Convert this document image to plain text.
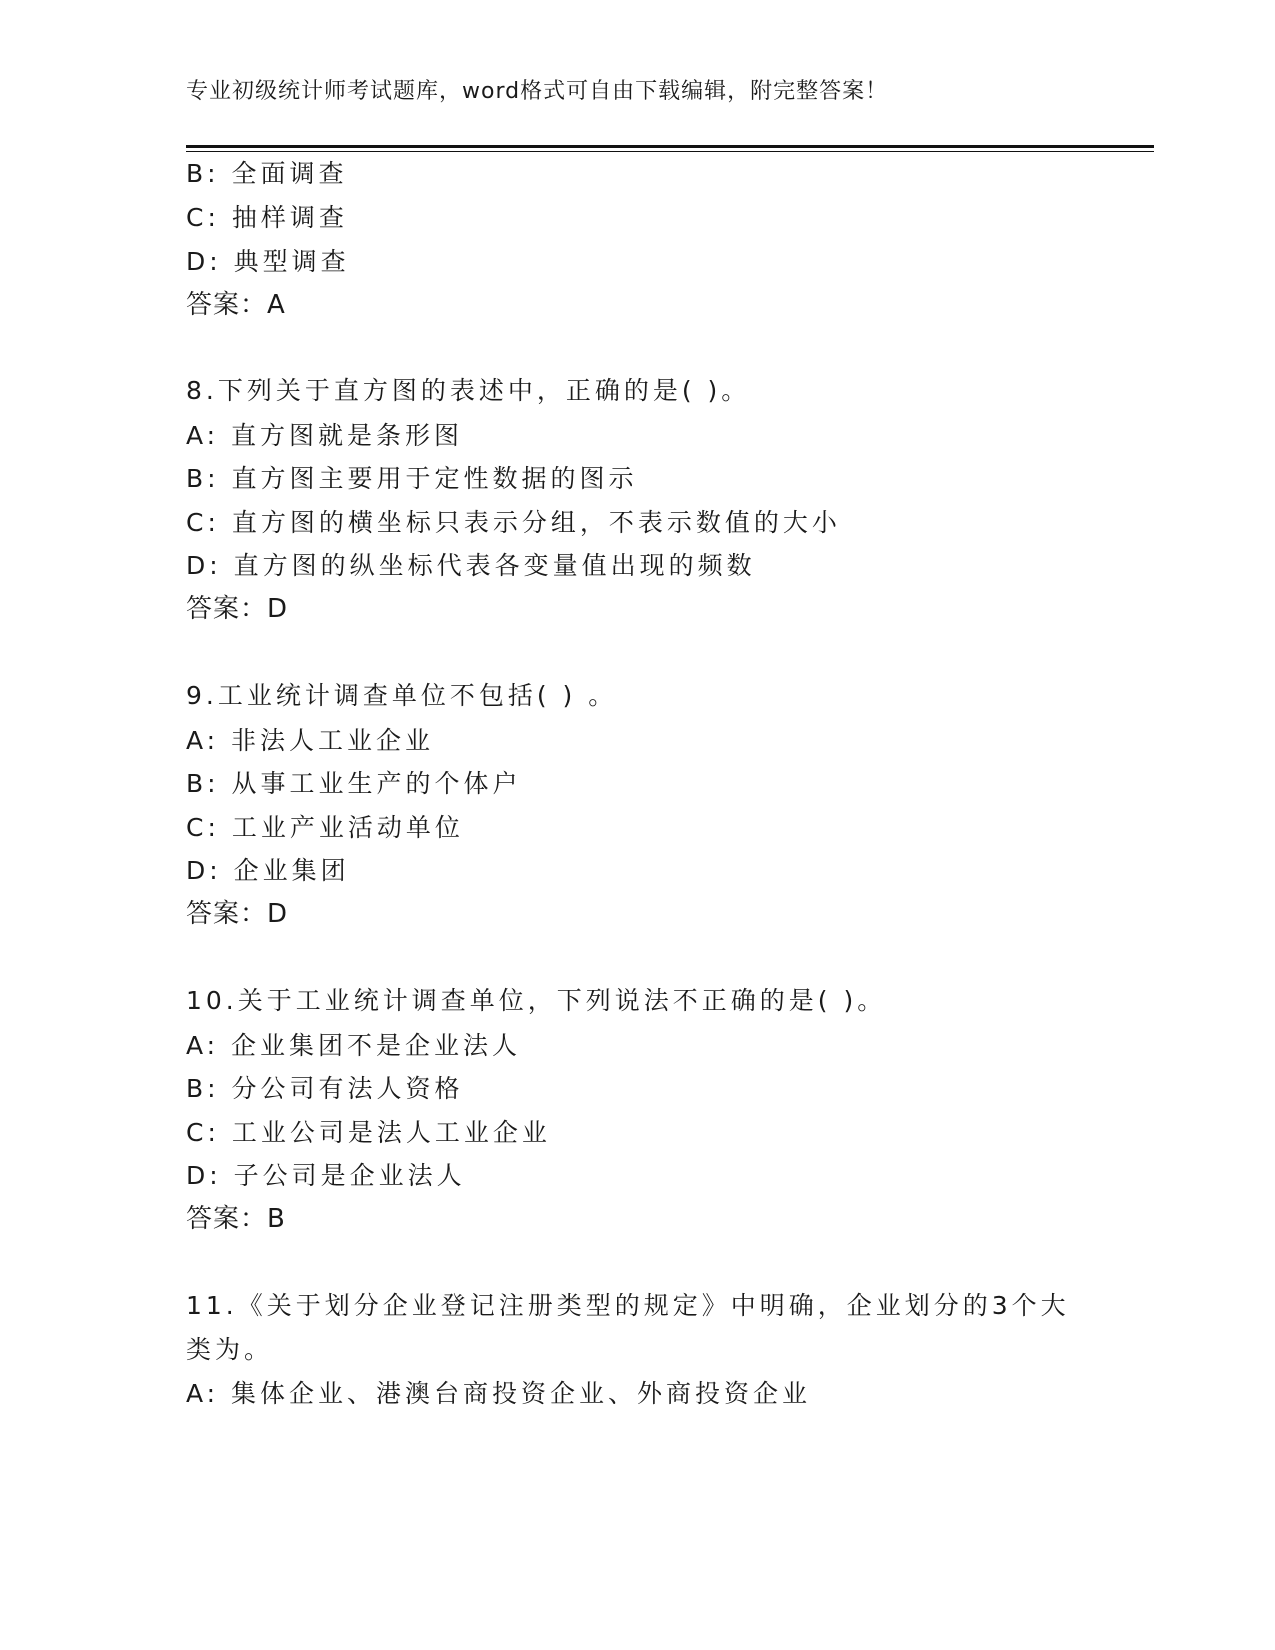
专业初级统计师考试题库，word格式可自由下载编辑，附完整答案！
B: 全面调查
C: 抽样调查
D: 典型调查
答案：A
8.下列关于直方图的表述中，正确的是( )。
A: 直方图就是条形图
B: 直方图主要用于定性数据的图示
C: 直方图的横坐标只表示分组，不表示数值的大小
D: 直方图的纵坐标代表各变量值出现的频数
答案：D
9.工业统计调查单位不包括( ) 。
A: 非法人工业企业
B: 从事工业生产的个体户
C: 工业产业活动单位
D: 企业集团
答案：D
10.关于工业统计调查单位，下列说法不正确的是( )。
A: 企业集团不是企业法人
B: 分公司有法人资格
C: 工业公司是法人工业企业
D: 子公司是企业法人
答案：B
11.《关于划分企业登记注册类型的规定》中明确，企业划分的3个大
类为。
A: 集体企业、港澳台商投资企业、外商投资企业
